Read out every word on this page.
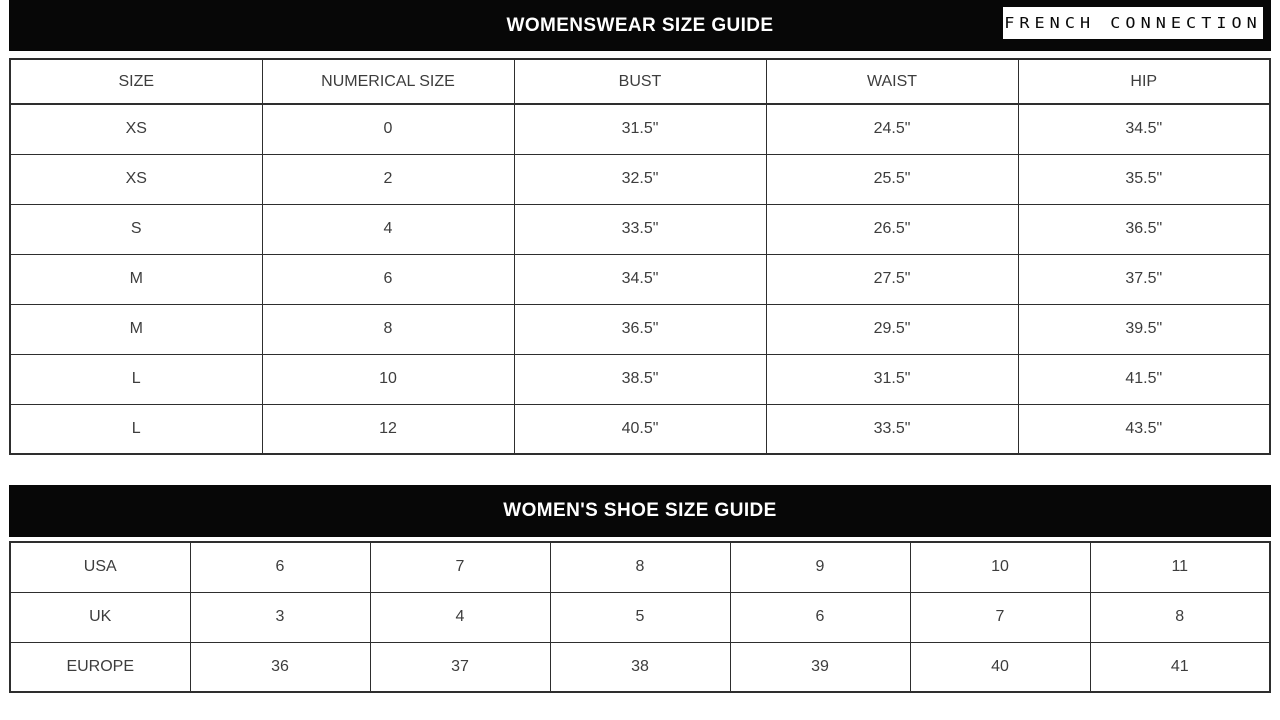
WOMENSWEAR SIZE GUIDE	FRENCH CONNECTION
SIZE	NUMERICAL SIZE	BUST	WAIST	HIP
XS	0	31.5"	24.5"	34.5"
XS	2	32.5"	25.5"	35.5"
S	4	33.5"	26.5"	36.5"
M	6	34.5"	27.5"	37.5"
M	8	36.5"	29.5"	39.5"
L	10	38.5"	31.5"	41.5"
L	12	40.5"	33.5"	43.5"
WOMEN'S SHOE SIZE GUIDE
USA	6	7	8	9	10	11
UK	3	4	5	6	7	8
EUROPE	36	37	38	39	40	41
